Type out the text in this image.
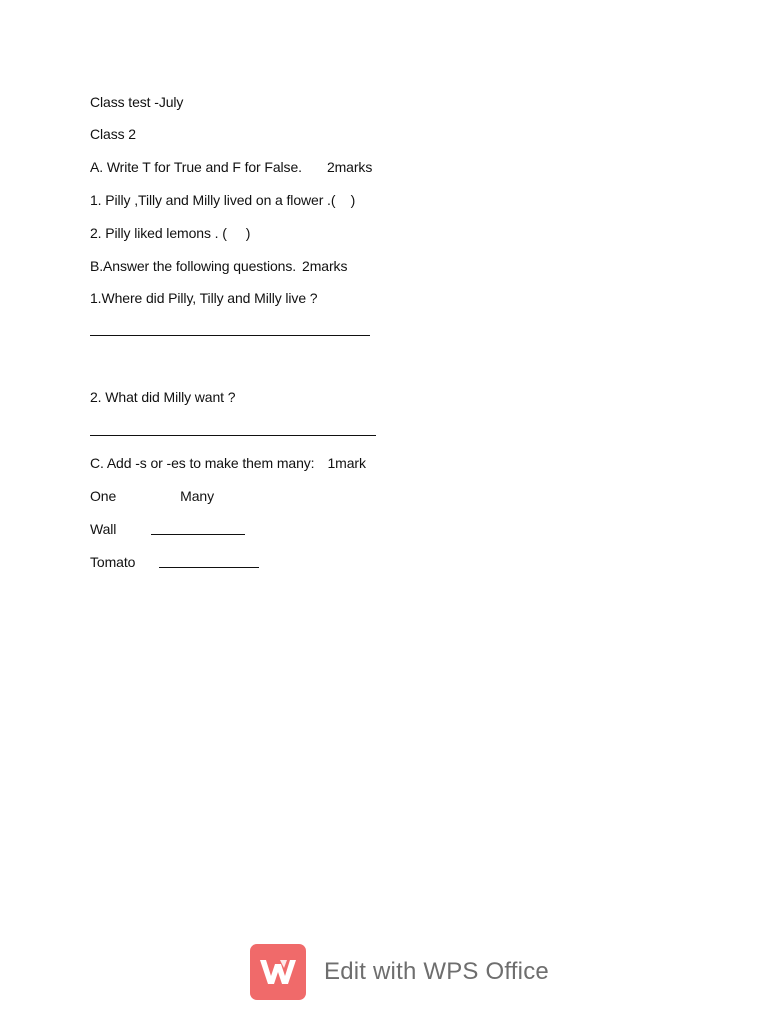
Class test -July
Class 2
A. Write T for True and F for False. 2marks
1. Pilly ,Tilly and Milly lived on a flower .(    )
2. Pilly liked lemons . (     )
B.Answer the following questions. 2marks
1.Where did Pilly, Tilly and Milly live ?
2. What did Milly want ?
C. Add -s or -es to make them many: 1mark
One	Many
Wall
Tomato
Edit with WPS Office
